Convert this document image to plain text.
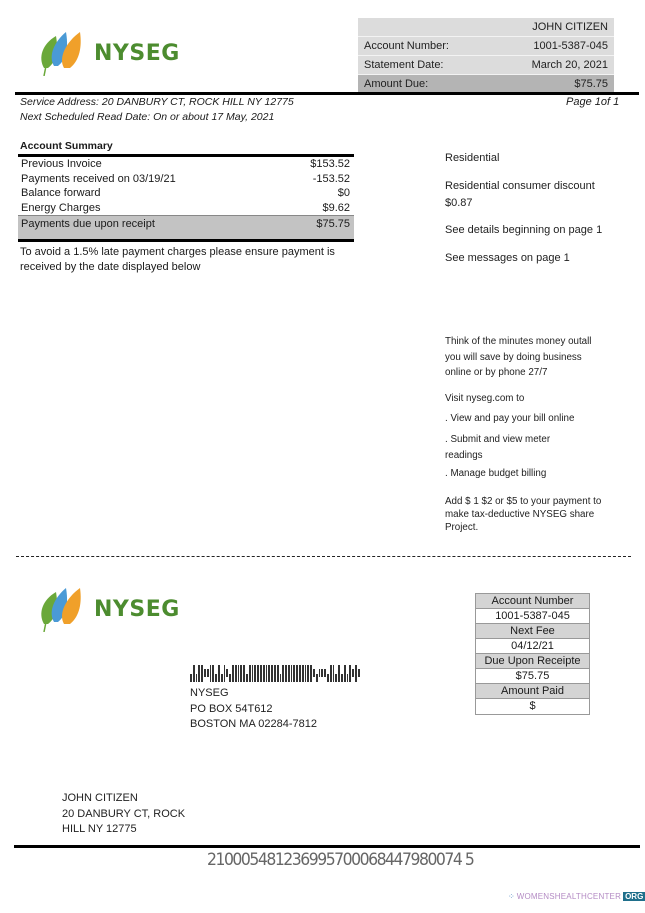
NYSEG
JOHN CITIZEN
Account Number:	1001-5387-045
Statement Date:	March 20, 2021
Amount Due:	$75.75
Page 1of 1
Service Address: 20 DANBURY CT, ROCK HILL NY 12775
Next Scheduled Read Date: On or about 17 May, 2021
Account Summary
Previous Invoice	$153.52
Payments received on 03/19/21	-153.52
Balance forward	$0
Energy Charges	$9.62
Payments due upon receipt	$75.75
To avoid a 1.5% late payment charges please ensure payment is received by the date displayed below
Residential
Residential consumer discount
$0.87
See details beginning on page 1
See messages on page 1
Think of the minutes money outall you will save by doing business online or by phone 27/7
Visit nyseg.com to
. View and pay your bill online
. Submit and view meter readings
. Manage budget billing
Add $ 1 $2 or $5 to your payment to make tax-deductive NYSEG share Project.
NYSEG	Account Number
1001-5387-045
Next Fee
04/12/21
Due Upon Receipte
$75.75
Amount Paid
$
NYSEG
PO BOX 54T612
BOSTON MA 02284-7812
JOHN CITIZEN
20 DANBURY CT, ROCK
HILL NY 12775
210005481236995700068447980074 5
⁘ WOMENSHEALTHCENTER ORG
